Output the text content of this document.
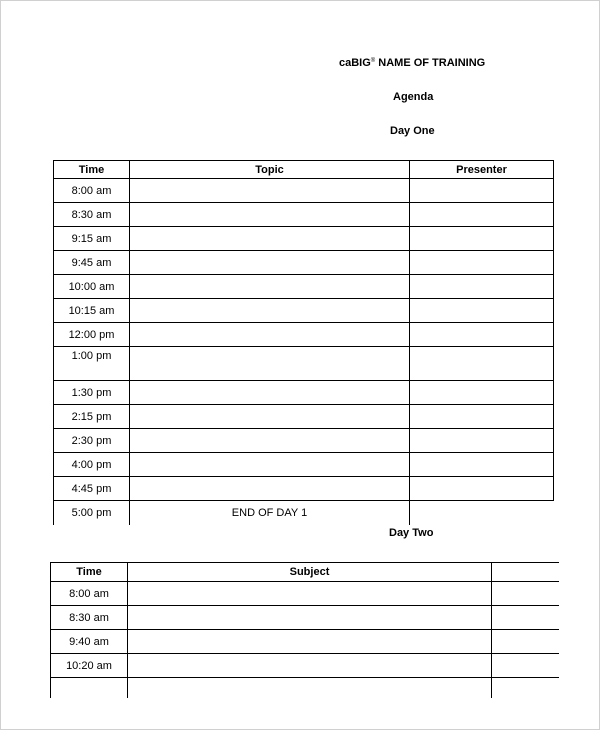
caBIG® NAME OF TRAINING
Agenda
Day One
Time	Topic	Presenter
8:00 am		
8:30 am		
9:15 am		
9:45 am		
10:00 am		
10:15 am		
12:00 pm		
1:00 pm		
1:30 pm		
2:15 pm		
2:30 pm		
4:00 pm		
4:45 pm		
5:00 pm	END OF DAY 1	
Day Two
Time	Subject	
8:00 am		
8:30 am		
9:40 am		
10:20 am		
